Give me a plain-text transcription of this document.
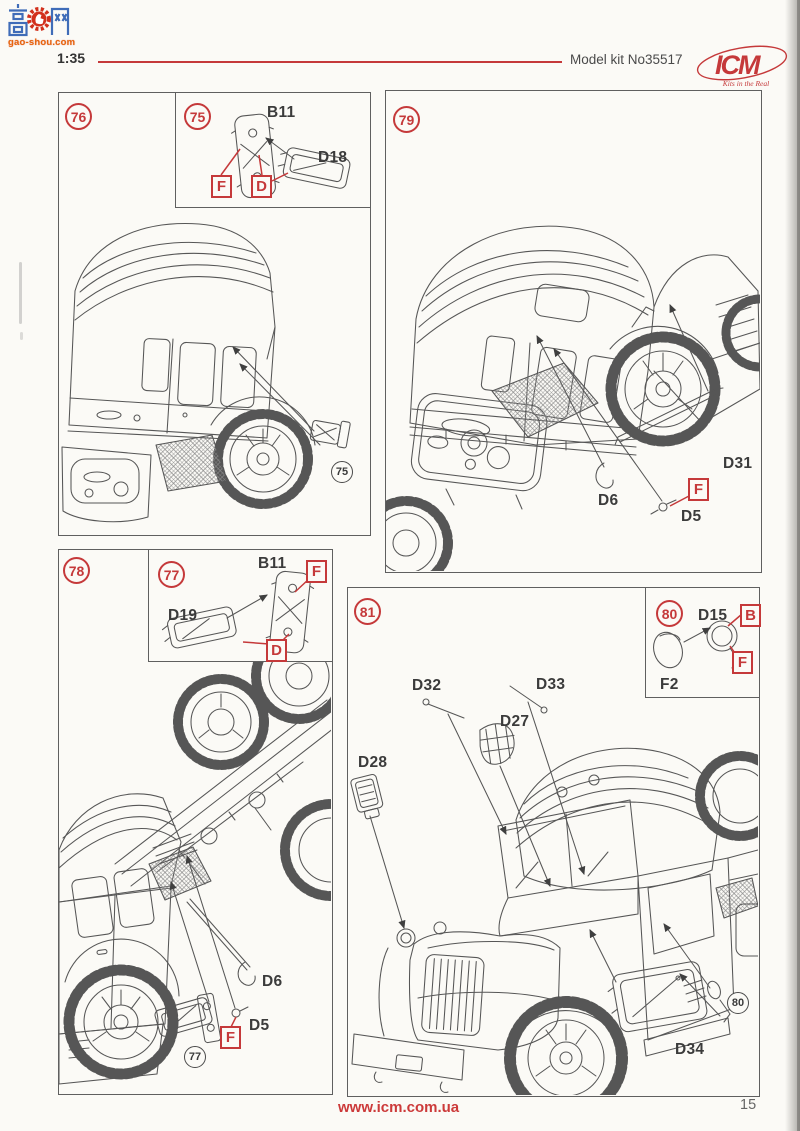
gao-shou.com
1:35	Model kit No35517 ICM
Kits in the Real
76	75	79
78	77
81	80
75
77
80
B11
D18
D31
D6
D5
B11
D19
D6
D5
D32	D33
D27
D28
D34
D15
F2
F	D
F
F
D
F
B
F
www.icm.com.ua	15
